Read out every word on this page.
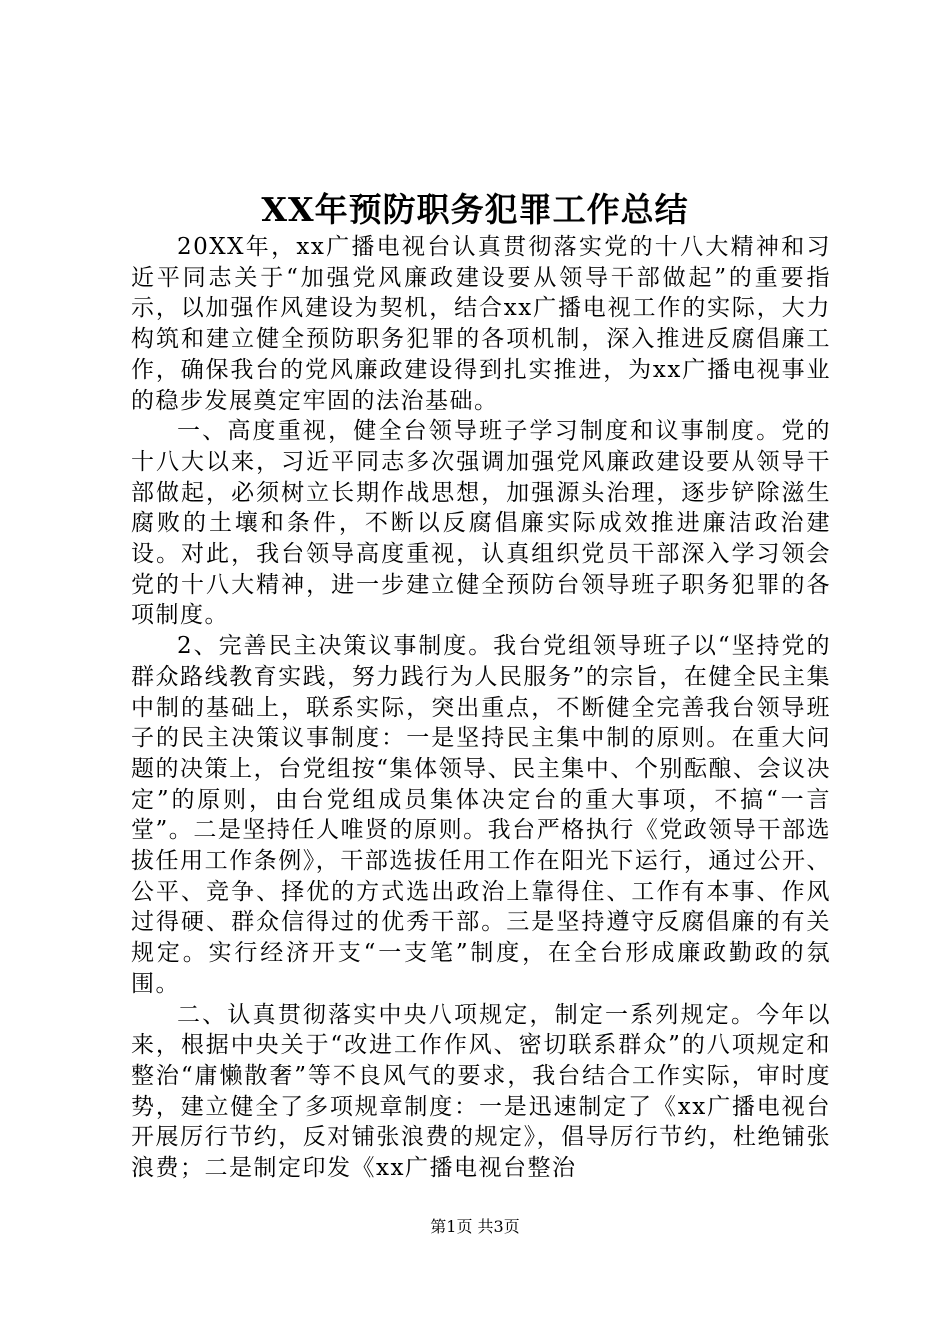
XX年预防职务犯罪工作总结

20XX年，xx广播电视台认真贯彻落实党的十八大精神和习近平同志关于“加强党风廉政建设要从领导干部做起”的重要指示，以加强作风建设为契机，结合xx广播电视工作的实际，大力构筑和建立健全预防职务犯罪的各项机制，深入推进反腐倡廉工作，确保我台的党风廉政建设得到扎实推进，为xx广播电视事业的稳步发展奠定牢固的法治基础。

一、高度重视，健全台领导班子学习制度和议事制度。党的十八大以来，习近平同志多次强调加强党风廉政建设要从领导干部做起，必须树立长期作战思想，加强源头治理，逐步铲除滋生腐败的土壤和条件，不断以反腐倡廉实际成效推进廉洁政治建设。对此，我台领导高度重视，认真组织党员干部深入学习领会党的十八大精神，进一步建立健全预防台领导班子职务犯罪的各项制度。

2、完善民主决策议事制度。我台党组领导班子以“坚持党的群众路线教育实践，努力践行为人民服务”的宗旨，在健全民主集中制的基础上，联系实际，突出重点，不断健全完善我台领导班子的民主决策议事制度：一是坚持民主集中制的原则。在重大问题的决策上，台党组按“集体领导、民主集中、个别酝酿、会议决定”的原则，由台党组成员集体决定台的重大事项，不搞“一言堂”。二是坚持任人唯贤的原则。我台严格执行《党政领导干部选拔任用工作条例》，干部选拔任用工作在阳光下运行，通过公开、公平、竞争、择优的方式选出政治上靠得住、工作有本事、作风过得硬、群众信得过的优秀干部。三是坚持遵守反腐倡廉的有关规定。实行经济开支“一支笔”制度，在全台形成廉政勤政的氛围。

二、认真贯彻落实中央八项规定，制定一系列规定。今年以来，根据中央关于“改进工作作风、密切联系群众”的八项规定和整治“庸懒散奢”等不良风气的要求，我台结合工作实际，审时度势，建立健全了多项规章制度：一是迅速制定了《xx广播电视台开展厉行节约，反对铺张浪费的规定》，倡导厉行节约，杜绝铺张浪费；二是制定印发《xx广播电视台整治

第1页 共3页
